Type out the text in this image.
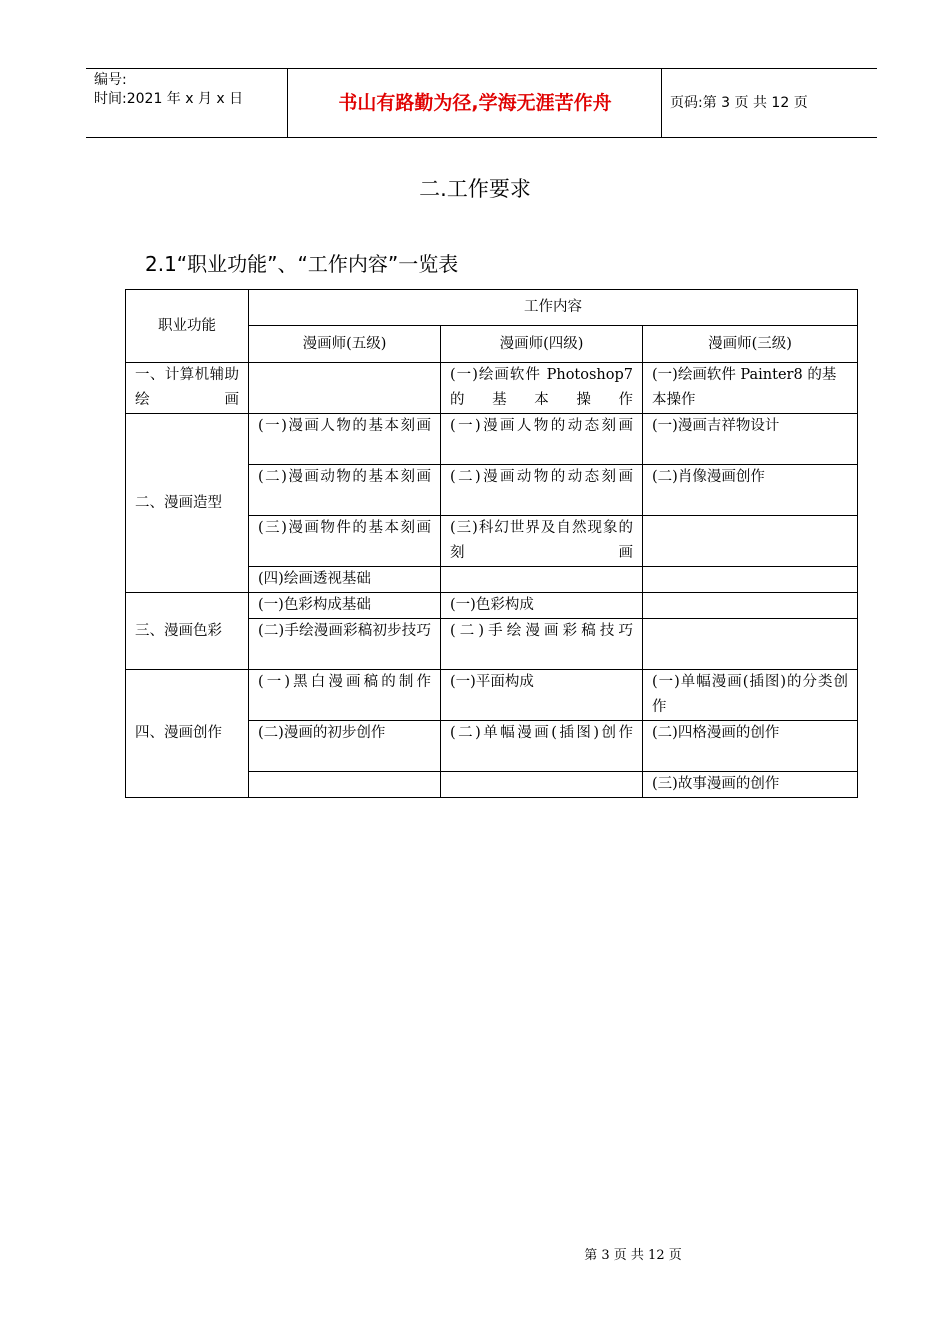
编号:
时间:2021 年 x 月 x 日	书山有路勤为径,学海无涯苦作舟	页码:第 3 页 共 12 页
二.工作要求
2.1“职业功能”、“工作内容”一览表
职业功能	工作内容		
	漫画师(五级)	漫画师(四级)	漫画师(三级)
一、计算机辅助绘画		(一)绘画软件 Photoshop7 的基本操作	(一)绘画软件 Painter8 的基本操作
二、漫画造型	(一)漫画人物的基本刻画	(一)漫画人物的动态刻画	(一)漫画吉祥物设计
	(二)漫画动物的基本刻画	(二)漫画动物的动态刻画	(二)肖像漫画创作
	(三)漫画物件的基本刻画	(三)科幻世界及自然现象的刻画	
	(四)绘画透视基础		
三、漫画色彩	(一)色彩构成基础	(一)色彩构成	
	(二)手绘漫画彩稿初步技巧	(二)手绘漫画彩稿技巧	
四、漫画创作	(一)黑白漫画稿的制作	(一)平面构成	(一)单幅漫画(插图)的分类创作
	(二)漫画的初步创作	(二)单幅漫画(插图)创作	(二)四格漫画的创作
			(三)故事漫画的创作
第 3 页 共 12 页
